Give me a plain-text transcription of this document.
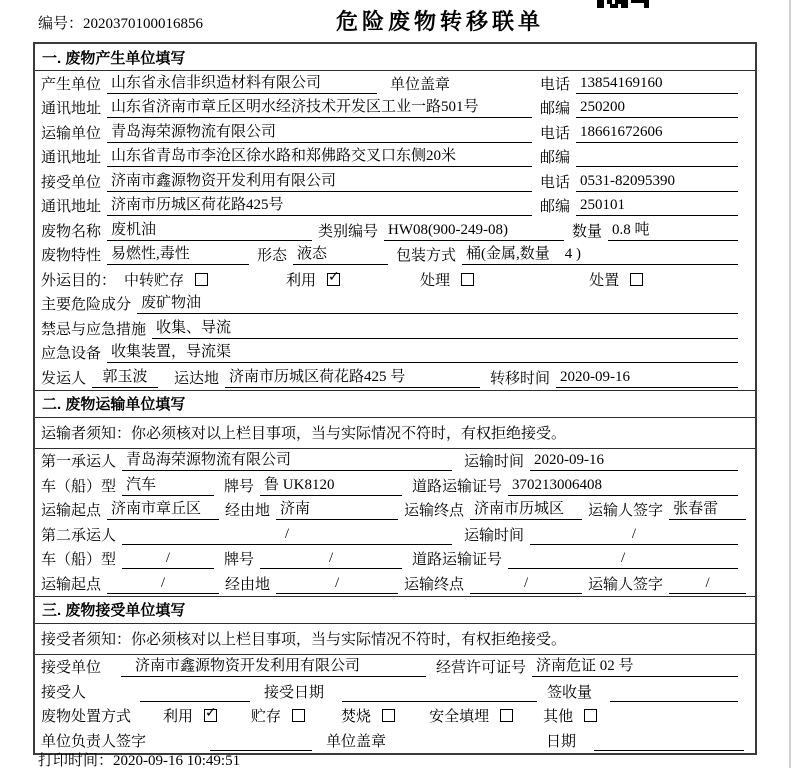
编号：2020370100016856	危险废物转移联单
一. 废物产生单位填写
产生单位 山东省永信非织造材料有限公司	单位盖章	电话 13854169160
通讯地址 山东省济南市章丘区明水经济技术开发区工业一路501号	邮编 250200
运输单位 青岛海荣源物流有限公司	电话 18661672606
通讯地址 山东省青岛市李沧区徐水路和郑佛路交叉口东侧20米	邮编
接受单位 济南市鑫源物资开发利用有限公司	电话 0531-82095390
通讯地址 济南市历城区荷花路425号	邮编 250101
废物名称 废机油	类别编号 HW08(900-249-08)	数量 0.8 吨
废物特性 易燃性,毒性	形态 液态	包装方式 桶(金属,数量　4 )
外运目的： 中转贮存	利用 ✓	处理	处置
主要危险成分 废矿物油
禁忌与应急措施 收集、导流
应急设备 收集装置，导流渠
发运人	郭玉波	运达地 济南市历城区荷花路425 号	转移时间 2020-09-16
二. 废物运输单位填写
运输者须知：你必须核对以上栏目事项，当与实际情况不符时，有权拒绝接受。
第一承运人 青岛海荣源物流有限公司	运输时间 2020-09-16
车（船）型 汽车	牌号 鲁 UK8120	道路运输证号 370213006408
运输起点 济南市章丘区	经由地 济南	运输终点 济南市历城区	运输人签字 张春雷
第二承运人	/	运输时间	/
车（船）型	/	牌号	/	道路运输证号	/
运输起点	/	经由地	/	运输终点	/	运输人签字	/
三. 废物接受单位填写
接受者须知：你必须核对以上栏目事项，当与实际情况不符时，有权拒绝接受。
接受单位	济南市鑫源物资开发利用有限公司	经营许可证号 济南危证 02 号
接受人	接受日期	签收量
废物处置方式 利用 ✓	贮存	焚烧	安全填埋	其他
单位负责人签字	单位盖章	日期
打印时间：2020-09-16 10:49:51
